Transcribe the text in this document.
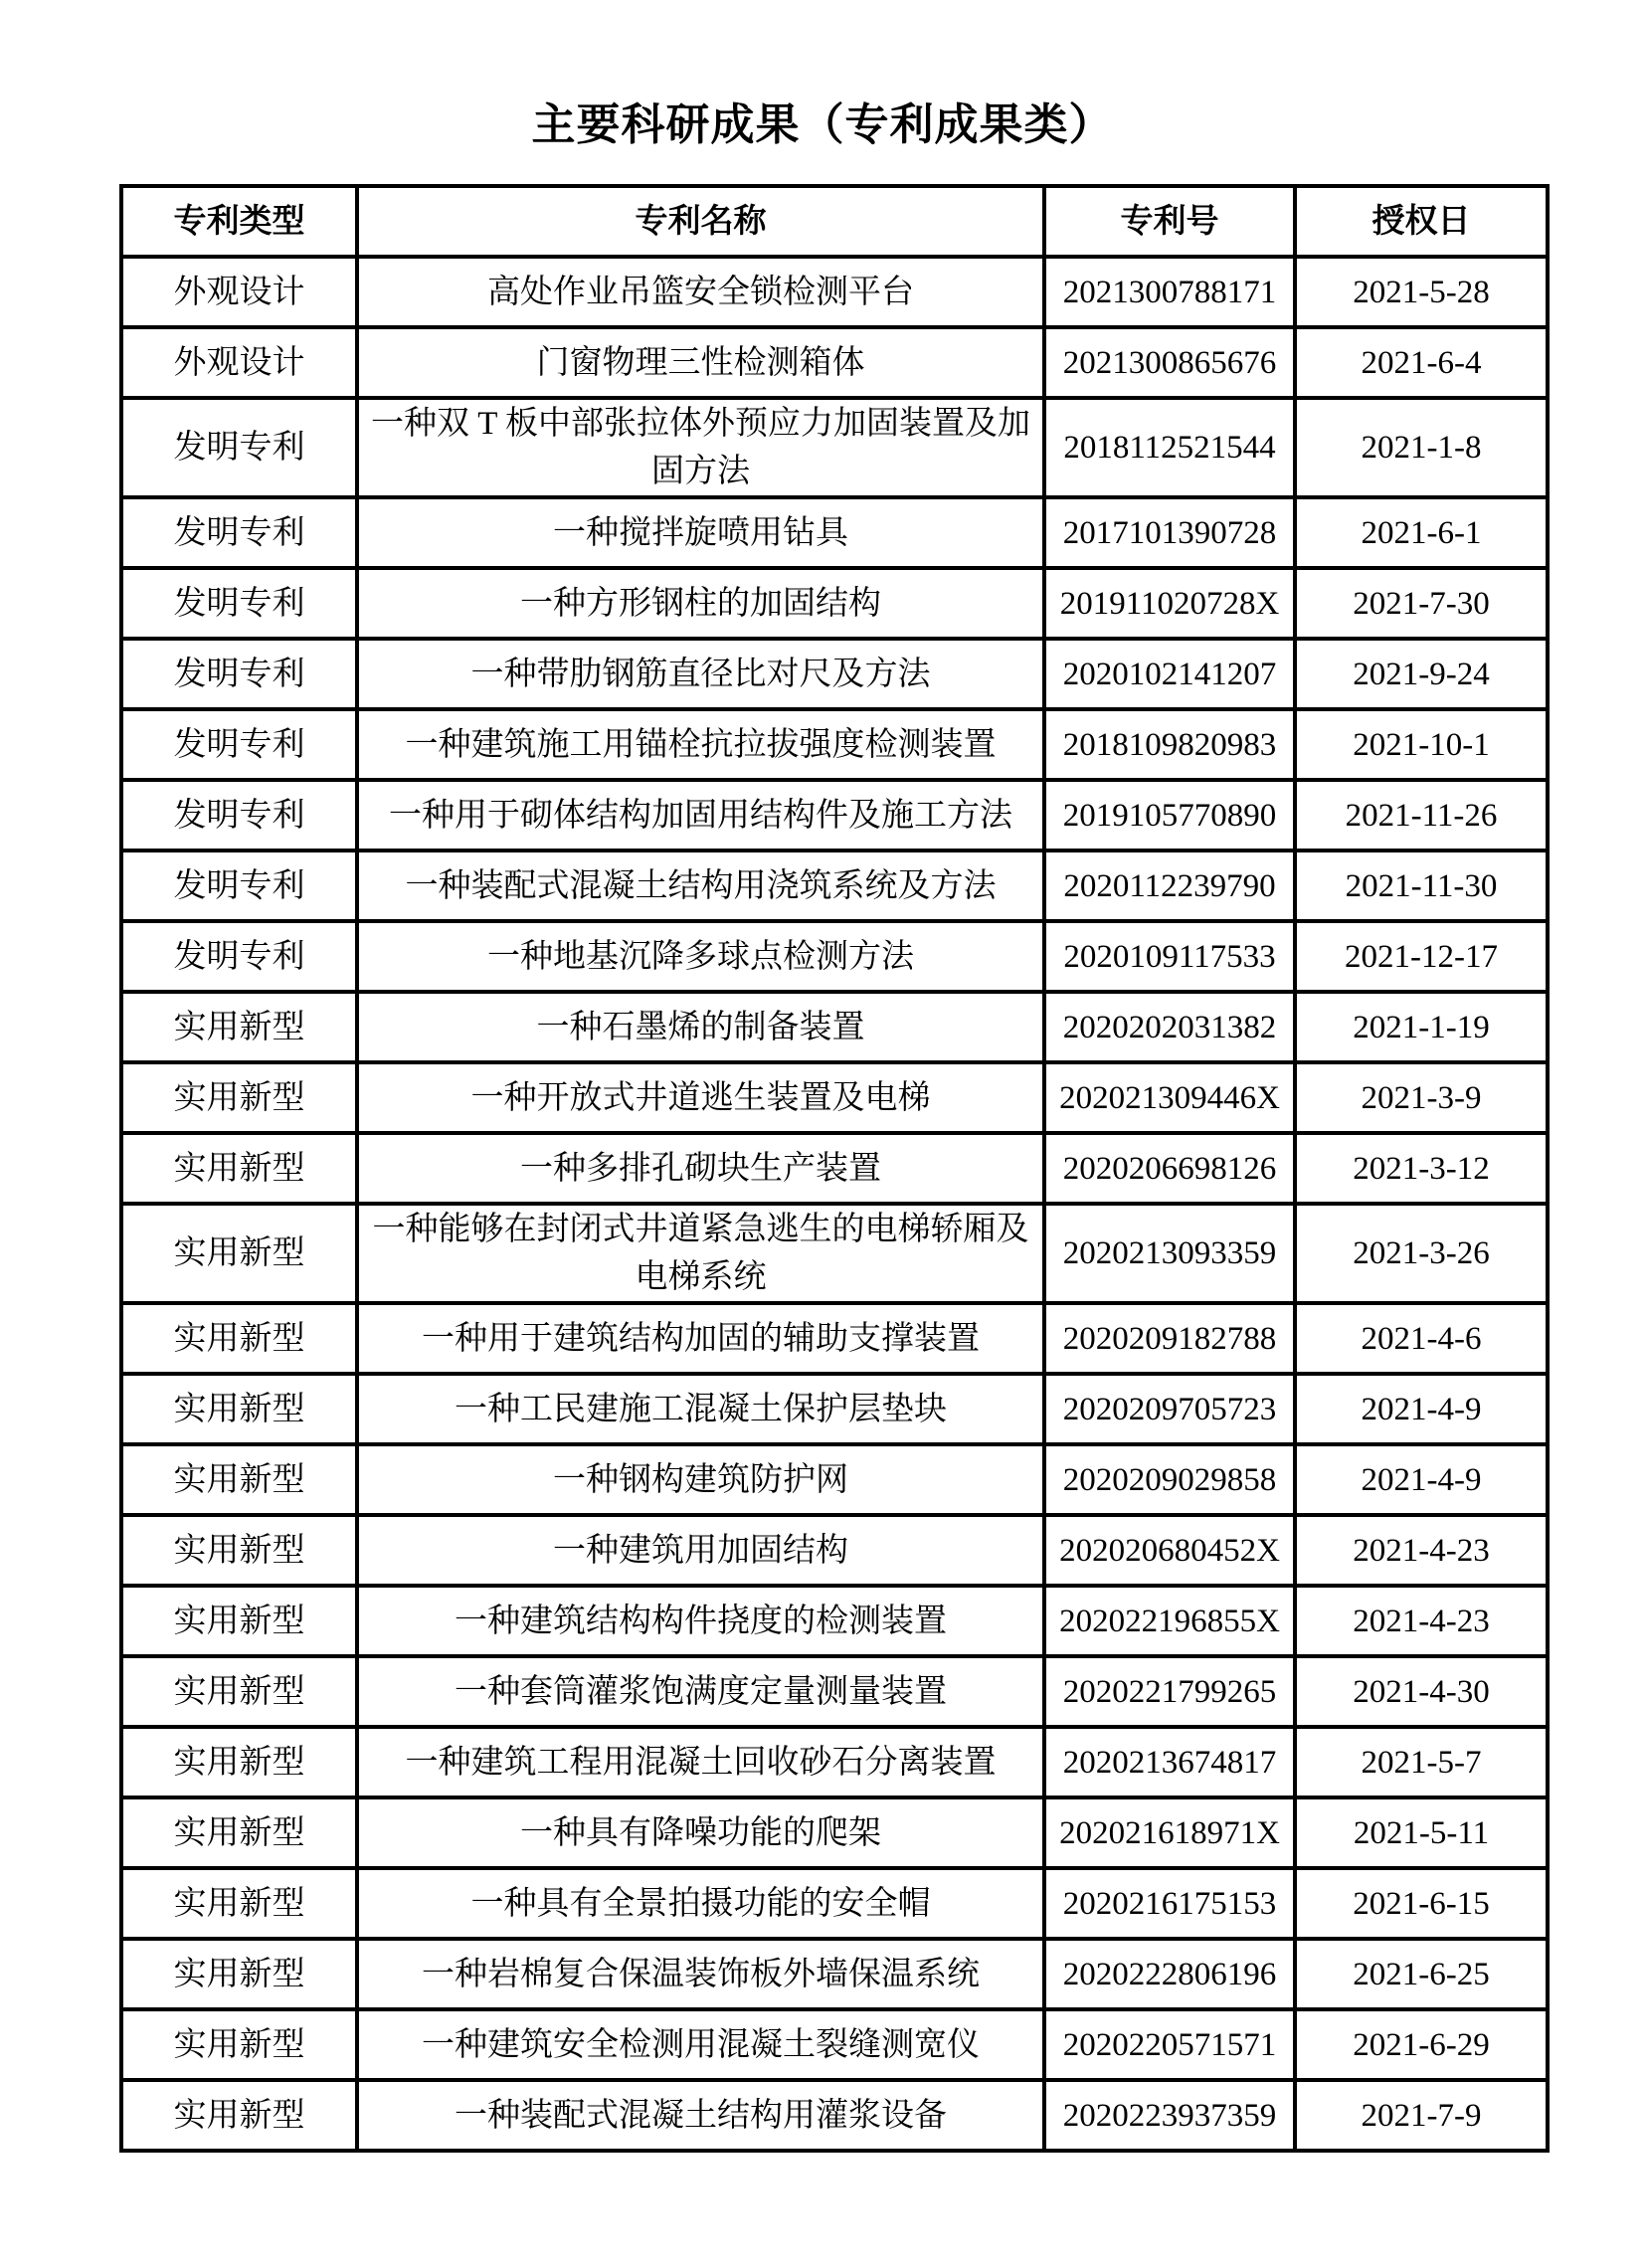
主要科研成果（专利成果类）
专利类型	专利名称	专利号	授权日
外观设计	高处作业吊篮安全锁检测平台	2021300788171	2021-5-28
外观设计	门窗物理三性检测箱体	2021300865676	2021-6-4
发明专利	一种双 T 板中部张拉体外预应力加固装置及加固方法	2018112521544	2021-1-8
发明专利	一种搅拌旋喷用钻具	2017101390728	2021-6-1
发明专利	一种方形钢柱的加固结构	201911020728X	2021-7-30
发明专利	一种带肋钢筋直径比对尺及方法	2020102141207	2021-9-24
发明专利	一种建筑施工用锚栓抗拉拔强度检测装置	2018109820983	2021-10-1
发明专利	一种用于砌体结构加固用结构件及施工方法	2019105770890	2021-11-26
发明专利	一种装配式混凝土结构用浇筑系统及方法	2020112239790	2021-11-30
发明专利	一种地基沉降多球点检测方法	2020109117533	2021-12-17
实用新型	一种石墨烯的制备装置	2020202031382	2021-1-19
实用新型	一种开放式井道逃生装置及电梯	202021309446X	2021-3-9
实用新型	一种多排孔砌块生产装置	2020206698126	2021-3-12
实用新型	一种能够在封闭式井道紧急逃生的电梯轿厢及电梯系统	2020213093359	2021-3-26
实用新型	一种用于建筑结构加固的辅助支撑装置	2020209182788	2021-4-6
实用新型	一种工民建施工混凝土保护层垫块	2020209705723	2021-4-9
实用新型	一种钢构建筑防护网	2020209029858	2021-4-9
实用新型	一种建筑用加固结构	202020680452X	2021-4-23
实用新型	一种建筑结构构件挠度的检测装置	202022196855X	2021-4-23
实用新型	一种套筒灌浆饱满度定量测量装置	2020221799265	2021-4-30
实用新型	一种建筑工程用混凝土回收砂石分离装置	2020213674817	2021-5-7
实用新型	一种具有降噪功能的爬架	202021618971X	2021-5-11
实用新型	一种具有全景拍摄功能的安全帽	2020216175153	2021-6-15
实用新型	一种岩棉复合保温装饰板外墙保温系统	2020222806196	2021-6-25
实用新型	一种建筑安全检测用混凝土裂缝测宽仪	2020220571571	2021-6-29
实用新型	一种装配式混凝土结构用灌浆设备	2020223937359	2021-7-9
